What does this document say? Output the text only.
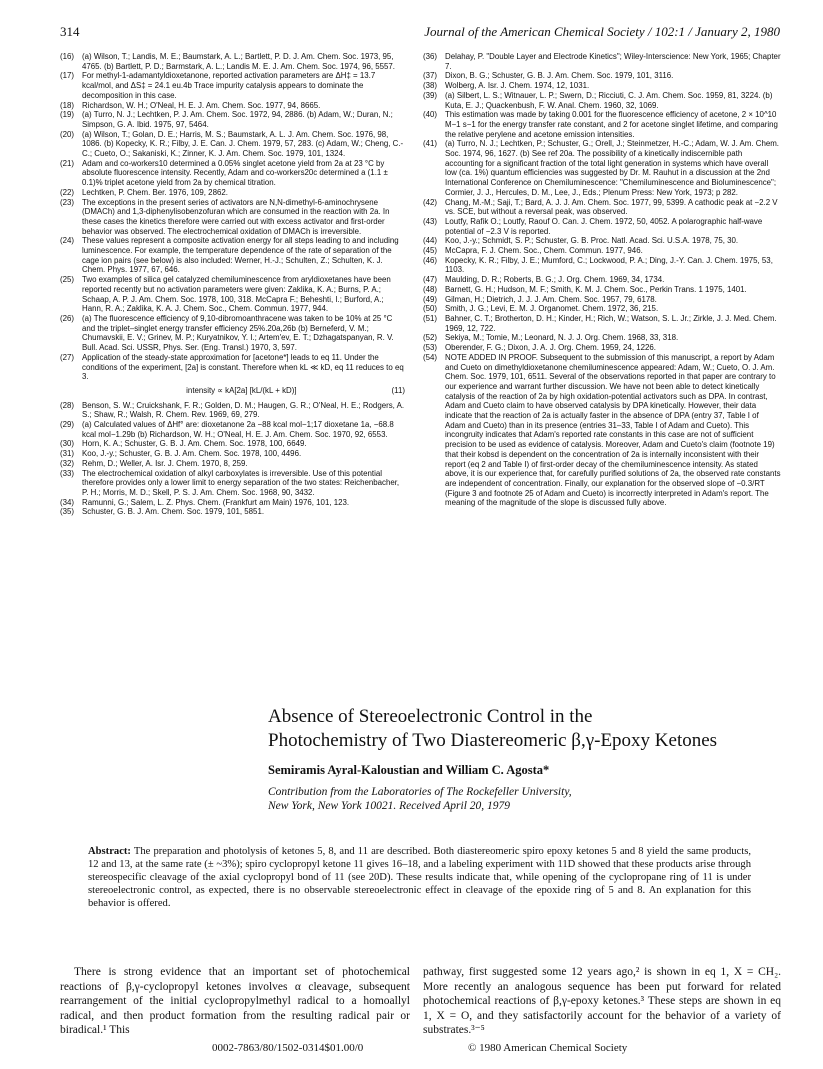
314	Journal of the American Chemical Society / 102:1 / January 2, 1980
(16) (a) Wilson, T.; Landis, M. E.; Baumstark, A. L.; Bartlett, P. D. J. Am. Chem. Soc. 1973, 95, 4765. (b) Bartlett, P. D.; Barmstark, A. L.; Landis M. E. J. Am. Chem. Soc. 1974, 96, 5557.
(17) For methyl-1-adamantyldioxetanone, reported activation parameters are ΔH‡ = 13.7 kcal/mol, and ΔS‡ = 24.1 eu.4b Trace impurity catalysis appears to dominate the decomposition in this case.
(18) Richardson, W. H.; O'Neal, H. E. J. Am. Chem. Soc. 1977, 94, 8665.
(19) (a) Turro, N. J.; Lechtken, P. J. Am. Chem. Soc. 1972, 94, 2886. (b) Adam, W.; Duran, N.; Simpson, G. A. Ibid. 1975, 97, 5464.
(20) (a) Wilson, T.; Golan, D. E.; Harris, M. S.; Baumstark, A. L. J. Am. Chem. Soc. 1976, 98, 1086. (b) Kopecky, K. R.; Filby, J. E. Can. J. Chem. 1979, 57, 283. (c) Adam, W.; Cheng, C.-C.; Cueto, O.; Sakaniski, K.; Zinner, K. J. Am. Chem. Soc. 1979, 101, 1324.
(21) Adam and co-workers10 determined a 0.05% singlet acetone yield from 2a at 23 °C by absolute fluorescence intensity. Recently, Adam and co-workers20c determined a (1.1 ± 0.1)% triplet acetone yield from 2a by chemical titration.
(22) Lechtken, P. Chem. Ber. 1976, 109, 2862.
(23) The exceptions in the present series of activators are N,N-dimethyl-6-aminochrysene (DMACh) and 1,3-diphenylisobenzofuran which are consumed in the reaction with 2a. In these cases the kinetics therefore were carried out with excess activator and first-order behavior was observed. The electrochemical oxidation of DMACh is irreversible.
(24) These values represent a composite activation energy for all steps leading to and including luminescence. For example, the temperature dependence of the rate of separation of the cage ion pairs (see below) is also included: Werner, H.-J.; Schulten, Z.; Schulten, K. J. Chem. Phys. 1977, 67, 646.
(25) Two examples of silica gel catalyzed chemiluminescence from aryldioxetanes have been reported recently but no activation parameters were given: Zaklika, K. A.; Burns, P. A.; Schaap, A. P. J. Am. Chem. Soc. 1978, 100, 318. McCapra F.; Beheshti, I.; Burford, A.; Hann, R. A.; Zaklika, K. A. J. Chem. Soc., Chem. Commun. 1977, 944.
(26) (a) The fluorescence efficiency of 9,10-dibromoanthracene was taken to be 10% at 25 °C and the triplet–singlet energy transfer efficiency 25%.20a,26b (b) Berneferd, V. M.; Chumavskii, E. V.; Grinev, M. P.; Kuryatnikov, Y. I.; Artem'ev, E. T.; Dzhagatspanyan, R. V. Bull. Acad. Sci. USSR, Phys. Ser. (Eng. Transl.) 1970, 3, 597.
(27) Application of the steady-state approximation for [acetone*] leads to eq 11. Under the conditions of the experiment, [2a] is constant. Therefore when kL ≪ kD, eq 11 reduces to eq 3.
intensity ∝ kA[2a] [kL/(kL + kD)]	(11)
(28) Benson, S. W.; Cruickshank, F. R.; Golden, D. M.; Haugen, G. R.; O'Neal, H. E.; Rodgers, A. S.; Shaw, R.; Walsh, R. Chem. Rev. 1969, 69, 279.
(29) (a) Calculated values of ΔHf° are: dioxetanone 2a −88 kcal mol−1;17 dioxetane 1a, −68.8 kcal mol−1.29b (b) Richardson, W. H.; O'Neal, H. E. J. Am. Chem. Soc. 1970, 92, 6553.
(30) Horn, K. A.; Schuster, G. B. J. Am. Chem. Soc. 1978, 100, 6649.
(31) Koo, J.-y.; Schuster, G. B. J. Am. Chem. Soc. 1978, 100, 4496.
(32) Rehm, D.; Weller, A. Isr. J. Chem. 1970, 8, 259.
(33) The electrochemical oxidation of alkyl carboxylates is irreversible. Use of this potential therefore provides only a lower limit to energy separation of the two states: Reichenbacher, P. H.; Morris, M. D.; Skell, P. S. J. Am. Chem. Soc. 1968, 90, 3432.
(34) Ramunni, G.; Salem, L. Z. Phys. Chem. (Frankfurt am Main) 1976, 101, 123.
(35) Schuster, G. B. J. Am. Chem. Soc. 1979, 101, 5851.
(36) Delahay, P. "Double Layer and Electrode Kinetics"; Wiley-Interscience: New York, 1965; Chapter 7.
(37) Dixon, B. G.; Schuster, G. B. J. Am. Chem. Soc. 1979, 101, 3116.
(38) Wolberg, A. Isr. J. Chem. 1974, 12, 1031.
(39) (a) Silbert, L. S.; Witnauer, L. P.; Swern, D.; Ricciuti, C. J. Am. Chem. Soc. 1959, 81, 3224. (b) Kuta, E. J.; Quackenbush, F. W. Anal. Chem. 1960, 32, 1069.
(40) This estimation was made by taking 0.001 for the fluorescence efficiency of acetone, 2 × 10^10 M−1 s−1 for the energy transfer rate constant, and 2 for acetone singlet lifetime, and comparing the relative perylene and acetone emission intensities.
(41) (a) Turro, N. J.; Lechtken, P.; Schuster, G.; Orell, J.; Steinmetzer, H.-C.; Adam, W. J. Am. Chem. Soc. 1974, 96, 1627. (b) See ref 20a. The possibility of a kinetically indiscernible path accounting for a significant fraction of the total light generation in systems which have overall low (ca. 1%) quantum efficiencies was suggested by Dr. M. Rauhut in a discussion at the 2nd International Conference on Chemiluminescence: "Chemiluminescence and Bioluminescence"; Cormier, J. J., Hercules, D. M., Lee, J., Eds.; Plenum Press: New York, 1973; p 282.
(42) Chang, M.-M.; Saji, T.; Bard, A. J. J. Am. Chem. Soc. 1977, 99, 5399. A cathodic peak at −2.2 V vs. SCE, but without a reversal peak, was observed.
(43) Loutfy, Rafik O.; Loutfy, Raouf O. Can. J. Chem. 1972, 50, 4052. A polarographic half-wave potential of −2.3 V is reported.
(44) Koo, J.-y.; Schmidt, S. P.; Schuster, G. B. Proc. Natl. Acad. Sci. U.S.A. 1978, 75, 30.
(45) McCapra, F. J. Chem. Soc., Chem. Commun. 1977, 946.
(46) Kopecky, K. R.; Filby, J. E.; Mumford, C.; Lockwood, P. A.; Ding, J.-Y. Can. J. Chem. 1975, 53, 1103.
(47) Maulding, D. R.; Roberts, B. G.; J. Org. Chem. 1969, 34, 1734.
(48) Barnett, G. H.; Hudson, M. F.; Smith, K. M. J. Chem. Soc., Perkin Trans. 1 1975, 1401.
(49) Gilman, H.; Dietrich, J. J. J. Am. Chem. Soc. 1957, 79, 6178.
(50) Smith, J. G.; Levi, E. M. J. Organomet. Chem. 1972, 36, 215.
(51) Bahner, C. T.; Brotherton, D. H.; Kinder, H.; Rich, W.; Watson, S. L. Jr.; Zirkle, J. J. Med. Chem. 1969, 12, 722.
(52) Sekiya, M.; Tomie, M.; Leonard, N. J. J. Org. Chem. 1968, 33, 318.
(53) Oberender, F. G.; Dixon, J. A. J. Org. Chem. 1959, 24, 1226.
(54) NOTE ADDED IN PROOF. Subsequent to the submission of this manuscript, a report by Adam and Cueto on dimethyldioxetanone chemiluminescence appeared: Adam, W.; Cueto, O. J. Am. Chem. Soc. 1979, 101, 6511. Several of the observations reported in that paper are contrary to our experience and warrant further discussion. We have not been able to detect kinetically catalysis of the reaction of 2a by high oxidation-potential activators such as DPA. In contrast, Adam and Cueto claim to have observed catalysis by DPA kinetically. However, their data indicate that the reaction of 2a is actually faster in the absence of DPA (entry 37, Table I of Adam and Cueto) than in its presence (entries 31–33, Table I of Adam and Cueto). This incongruity indicates that Adam's reported rate constants in this case are not of sufficient precision to be used as evidence of catalysis. Moreover, Adam and Cueto's claim (footnote 19) that their kobsd is dependent on the concentration of 2a is internally inconsistent with their report (eq 2 and Table I) of first-order decay of the chemiluminescence intensity. As stated above, it is our experience that, for carefully purified solutions of 2a, the observed rate constants are independent of concentration. Finally, our explanation for the observed slope of −0.3/RT (Figure 3 and footnote 25 of Adam and Cueto) is incorrectly interpreted in Adam's report. The meaning of the magnitude of the slope is discussed fully above.
Absence of Stereoelectronic Control in the
Photochemistry of Two Diastereomeric β,γ-Epoxy Ketones
Semiramis Ayral-Kaloustian and William C. Agosta*
Contribution from the Laboratories of The Rockefeller University,
New York, New York 10021. Received April 20, 1979
Abstract: The preparation and photolysis of ketones 5, 8, and 11 are described. Both diastereomeric spiro epoxy ketones 5 and 8 yield the same products, 12 and 13, at the same rate (± ~3%); spiro cyclopropyl ketone 11 gives 16–18, and a labeling experiment with 11D showed that these products arise through stereospecific cleavage of the axial cyclopropyl bond of 11 (see 20D). These results indicate that, while opening of the cyclopropane ring of 11 is under stereoelectronic control, as expected, there is no observable stereoelectronic effect in cleavage of the epoxide ring of 5 and 8. An explanation for this behavior is offered.
There is strong evidence that an important set of photochemical reactions of β,γ-cyclopropyl ketones involves α cleavage, subsequent rearrangement of the initial cyclopropylmethyl radical to a homoallyl radical, and then product formation from the resulting radical pair or biradical.¹ This
pathway, first suggested some 12 years ago,² is shown in eq 1, X = CH₂. More recently an analogous sequence has been put forward for related photochemical reactions of β,γ-epoxy ketones.³ These steps are shown in eq 1, X = O, and they satisfactorily account for the behavior of a variety of substrates.³⁻⁵
0002-7863/80/1502-0314$01.00/0	© 1980 American Chemical Society
